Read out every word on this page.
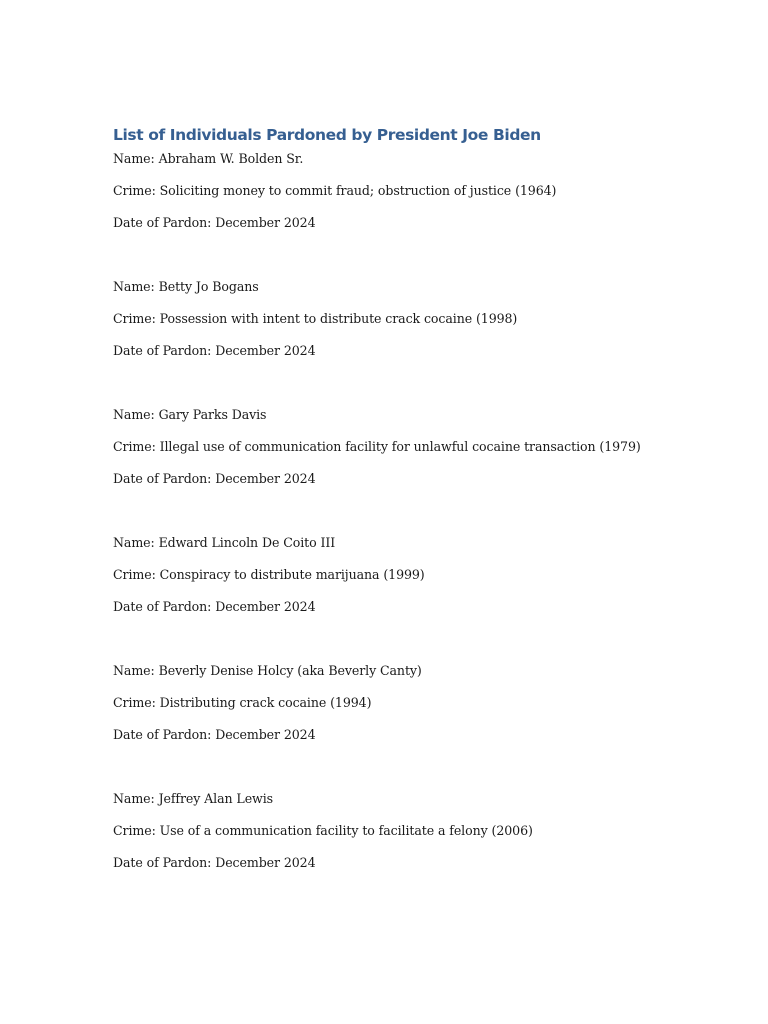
List of Individuals Pardoned by President Joe Biden

Name: Abraham W. Bolden Sr.

Crime: Soliciting money to commit fraud; obstruction of justice (1964)

Date of Pardon: December 2024

Name: Betty Jo Bogans

Crime: Possession with intent to distribute crack cocaine (1998)

Date of Pardon: December 2024

Name: Gary Parks Davis

Crime: Illegal use of communication facility for unlawful cocaine transaction (1979)

Date of Pardon: December 2024

Name: Edward Lincoln De Coito III

Crime: Conspiracy to distribute marijuana (1999)

Date of Pardon: December 2024

Name: Beverly Denise Holcy (aka Beverly Canty)

Crime: Distributing crack cocaine (1994)

Date of Pardon: December 2024

Name: Jeffrey Alan Lewis

Crime: Use of a communication facility to facilitate a felony (2006)

Date of Pardon: December 2024
